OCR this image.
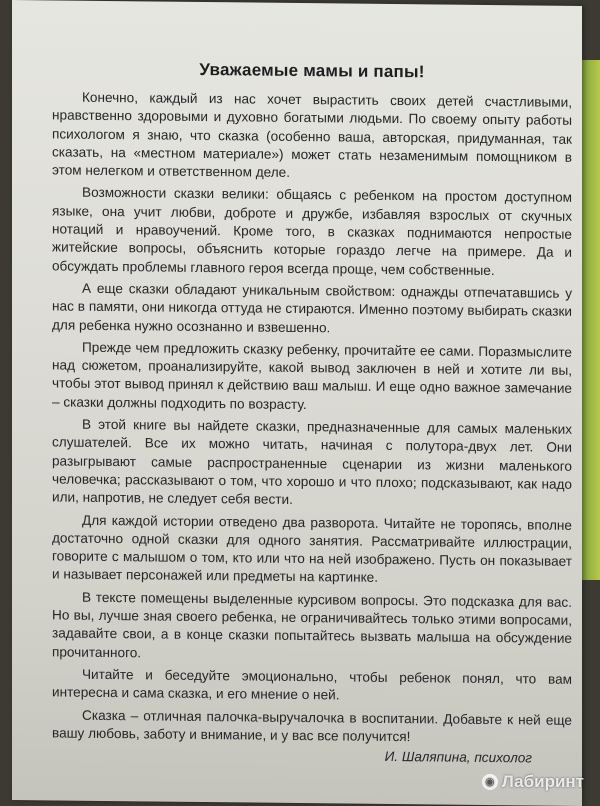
Уважаемые мамы и папы!

Конечно, каждый из нас хочет вырастить своих детей счастливыми, нравственно здоровыми и духовно богатыми людьми. По своему опыту работы психологом я знаю, что сказка (особенно ваша, авторская, придуманная, так сказать, на «местном материале») может стать незаменимым помощником в этом нелегком и ответственном деле.

Возможности сказки велики: общаясь с ребенком на простом доступном языке, она учит любви, доброте и дружбе, избавляя взрослых от скучных нотаций и нравоучений. Кроме того, в сказках поднимаются непростые житейские вопросы, объяснить которые гораздо легче на примере. Да и обсуждать проблемы главного героя всегда проще, чем собственные.

А еще сказки обладают уникальным свойством: однажды отпечатавшись у нас в памяти, они никогда оттуда не стираются. Именно поэтому выбирать сказки для ребенка нужно осознанно и взвешенно.

Прежде чем предложить сказку ребенку, прочитайте ее сами. Поразмыслите над сюжетом, проанализируйте, какой вывод заключен в ней и хотите ли вы, чтобы этот вывод принял к действию ваш малыш. И еще одно важное замечание – сказки должны подходить по возрасту.

В этой книге вы найдете сказки, предназначенные для самых маленьких слушателей. Все их можно читать, начиная с полутора-двух лет. Они разыгрывают самые распространенные сценарии из жизни маленького человечка; рассказывают о том, что хорошо и что плохо; подсказывают, как надо или, напротив, не следует себя вести.

Для каждой истории отведено два разворота. Читайте не торопясь, вполне достаточно одной сказки для одного занятия. Рассматривайте иллюстрации, говорите с малышом о том, кто или что на ней изображено. Пусть он показывает и называет персонажей или предметы на картинке.

В тексте помещены выделенные курсивом вопросы. Это подсказка для вас. Но вы, лучше зная своего ребенка, не ограничивайтесь только этими вопросами, задавайте свои, а в конце сказки попытайтесь вызвать малыша на обсуждение прочитанного.

Читайте и беседуйте эмоционально, чтобы ребенок понял, что вам интересна и сама сказка, и его мнение о ней.

Сказка – отличная палочка-выручалочка в воспитании. Добавьте к ней еще вашу любовь, заботу и внимание, и у вас все получится!

И. Шаляпина, психолог
◉ Лабиринт
